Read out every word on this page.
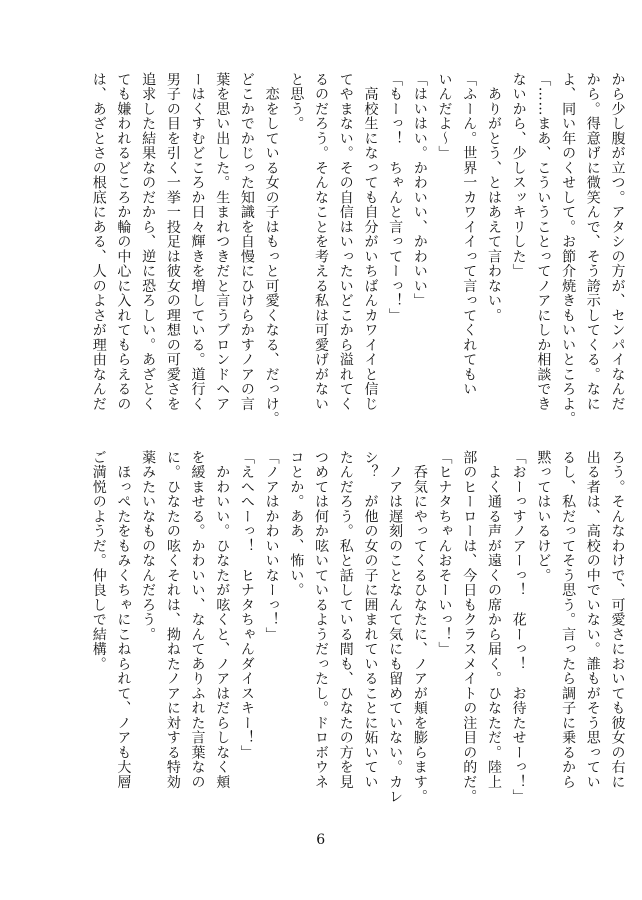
から少し腹が立つ。アタシの方が、センパイなんだ
から。得意げに微笑んで、そう誇示してくる。なに
よ、同い年のくせして。お節介焼きもいいところよ。
「……まあ、こういうことってノアにしか相談でき
ないから、少しスッキリした」
　ありがとう、とはあえて言わない。
「ふーん。世界一カワイイって言ってくれてもい
いんだよ～」
「はいはい。かわいい、かわいい」
「もーっ！　ちゃんと言ってーっ！」
　高校生になっても自分がいちばんカワイイと信じ
てやまない。その自信はいったいどこから溢れてく
るのだろう。そんなことを考える私は可愛げがない
と思う。
　恋をしている女の子はもっと可愛くなる、だっけ。
どこかでかじった知識を自慢にひけらかすノアの言
葉を思い出した。生まれつきだと言うブロンドヘア
ーはくすむどころか日々輝きを増している。道行く
男子の目を引く一挙一投足は彼女の理想の可愛さを
追求した結果なのだから、逆に恐ろしい。あざとく
ても嫌われるどころか輪の中心に入れてもらえるの
は、あざとさの根底にある、人のよさが理由なんだ

ろう。そんなわけで、可愛さにおいても彼女の右に
出る者は、高校の中でいない。誰もがそう思ってい
るし、私だってそう思う。言ったら調子に乗るから
黙ってはいるけど。
「おーっすノアーっ！　花ーっ！　お待たせーっ！」
　よく通る声が遠くの席から届く。ひなただ。陸上
部のヒーローは、今日もクラスメイトの注目の的だ。
「ヒナタちゃんおそーいっ！」
　呑気にやってくるひなたに、ノアが頬を膨らます。
　ノアは遅刻のことなんて気にも留めていない。カレ
シ？　が他の女の子に囲まれていることに妬いてい
たんだろう。私と話している間も、ひなたの方を見
つめては何か呟いているようだったし。ドロボウネ
コとか。ああ、怖い。
「ノアはかわいいなーっ！」
「えへへーっ！　ヒナタちゃんダイスキー！」
　かわいい。ひなたが呟くと、ノアはだらしなく頬
を緩ませる。かわいい、なんてありふれた言葉なの
に。ひなたの呟くそれは、拗ねたノアに対する特効
薬みたいなものなんだろう。
　ほっぺたをもみくちゃにこねられて、ノアも大層
ご満悦のようだ。仲良しで結構。

6
